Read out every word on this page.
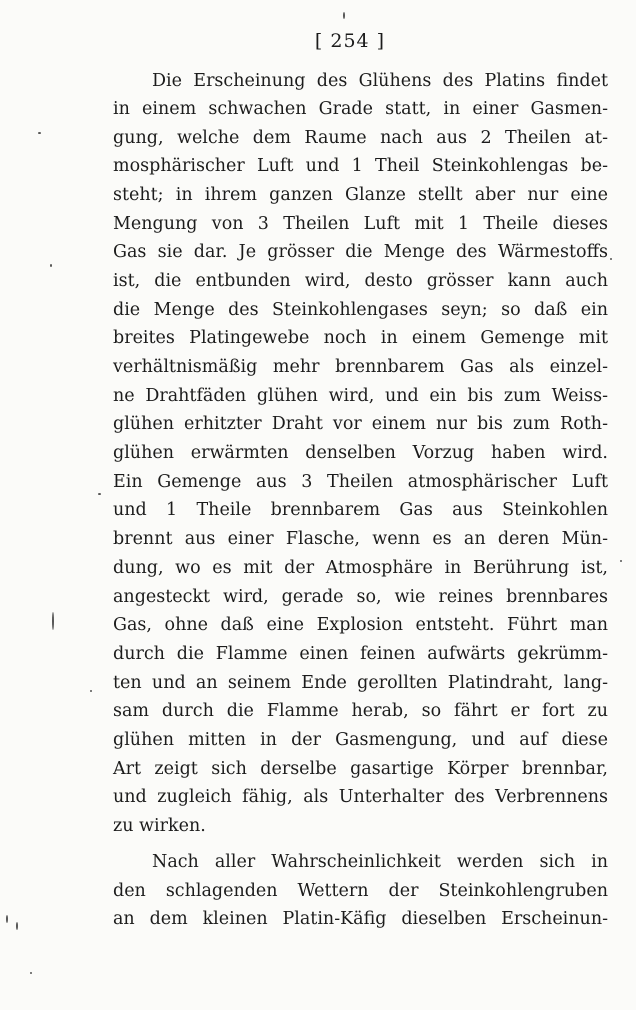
[ 254 ]
Die Erscheinung des Glühens des Platins findet
in einem schwachen Grade statt, in einer Gasmen-
gung, welche dem Raume nach aus 2 Theilen at-
mosphärischer Luft und 1 Theil Steinkohlengas be-
steht; in ihrem ganzen Glanze stellt aber nur eine
Mengung von 3 Theilen Luft mit 1 Theile dieses
Gas sie dar. Je grösser die Menge des Wärmestoffs
ist, die entbunden wird, desto grösser kann auch
die Menge des Steinkohlengases seyn; so daß ein
breites Platingewebe noch in einem Gemenge mit
verhältnismäßig mehr brennbarem Gas als einzel-
ne Drahtfäden glühen wird, und ein bis zum Weiss-
glühen erhitzter Draht vor einem nur bis zum Roth-
glühen erwärmten denselben Vorzug haben wird.
Ein Gemenge aus 3 Theilen atmosphärischer Luft
und 1 Theile brennbarem Gas aus Steinkohlen
brennt aus einer Flasche, wenn es an deren Mün-
dung, wo es mit der Atmosphäre in Berührung ist,
angesteckt wird, gerade so, wie reines brennbares
Gas, ohne daß eine Explosion entsteht. Führt man
durch die Flamme einen feinen aufwärts gekrümm-
ten und an seinem Ende gerollten Platindraht, lang-
sam durch die Flamme herab, so fährt er fort zu
glühen mitten in der Gasmengung, und auf diese
Art zeigt sich derselbe gasartige Körper brennbar,
und zugleich fähig, als Unterhalter des Verbrennens
zu wirken.
Nach aller Wahrscheinlichkeit werden sich in
den schlagenden Wettern der Steinkohlengruben
an dem kleinen Platin-Käfig dieselben Erscheinun-
